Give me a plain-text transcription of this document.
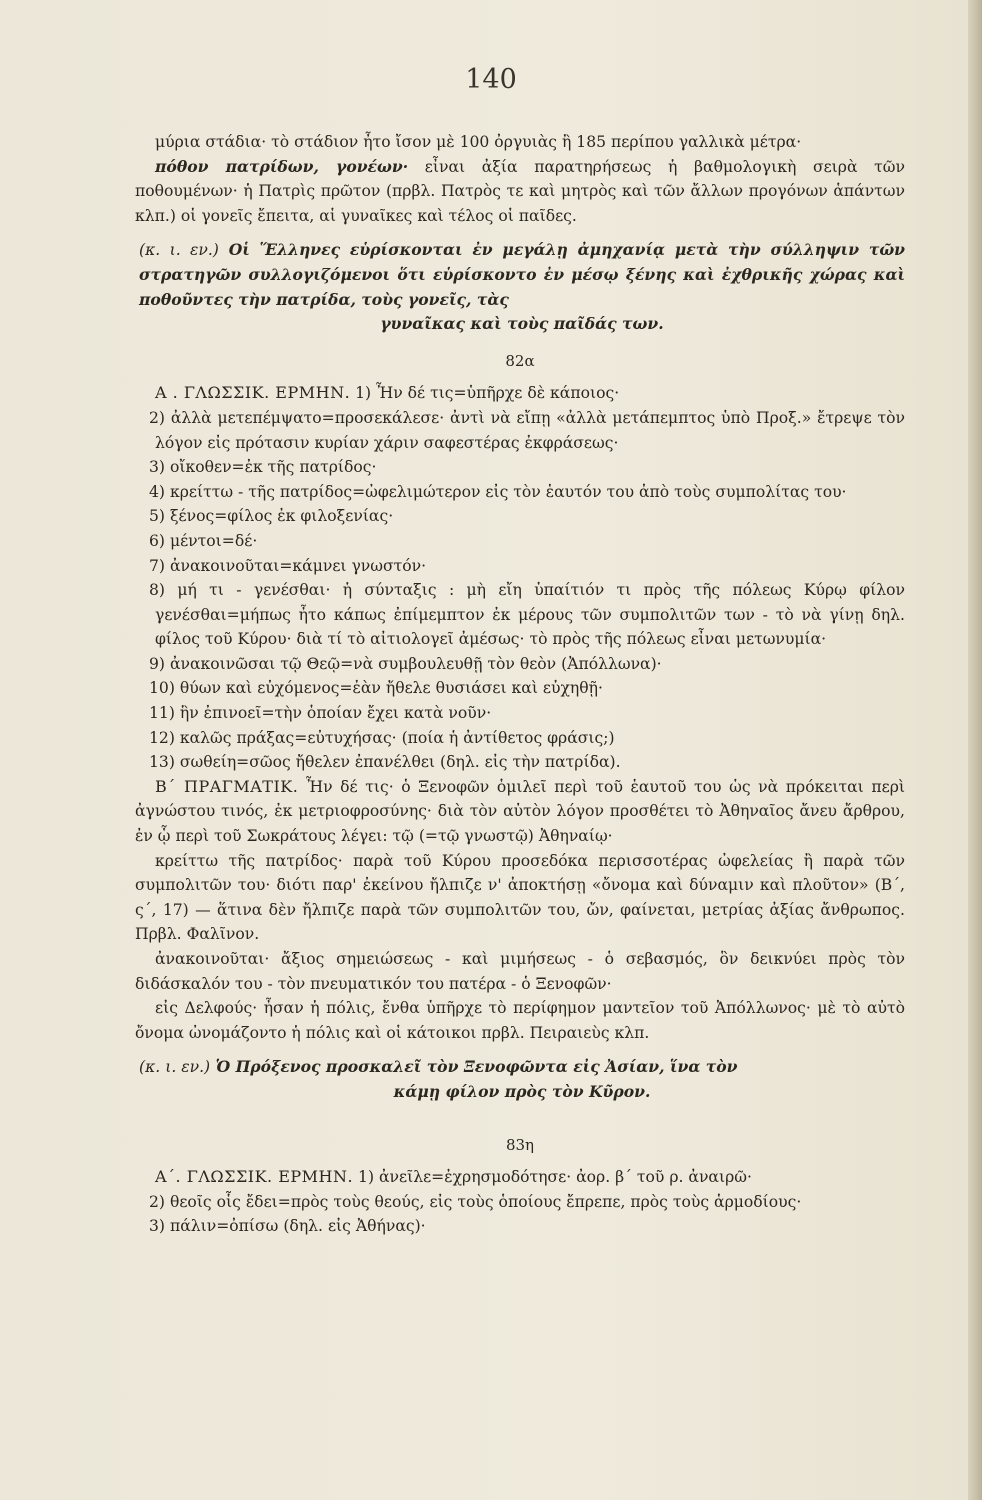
140

μύρια στάδια· τὸ στάδιον ἦτο ἴσον μὲ 100 ὀργυιὰς ἢ 185 περίπου γαλλικὰ μέτρα·

πόθον πατρίδων, γονέων· εἶναι ἀξία παρατηρήσεως ἡ βαθμολογικὴ σειρὰ τῶν ποθουμένων· ἡ Πατρὶς πρῶτον (πρβλ. Πατρὸς τε καὶ μητρὸς καὶ τῶν ἄλλων προγόνων ἁπάντων κλπ.) οἱ γονεῖς ἔπειτα, αἱ γυναῖκες καὶ τέλος οἱ παῖδες.

(κ. ι. εν.) Οἱ Ἕλληνες εὑρίσκονται ἐν μεγάλῃ ἀμηχανίᾳ μετὰ τὴν σύλληψιν τῶν στρατηγῶν συλλογιζόμενοι ὅτι εὑρίσκοντο ἐν μέσῳ ξένης καὶ ἐχθρικῆς χώρας καὶ ποθοῦντες τὴν πατρίδα, τοὺς γονεῖς, τὰς
γυναῖκας καὶ τοὺς παῖδάς των.

82α

Α . ΓΛΩΣΣΙΚ. ΕΡΜΗΝ. 1) Ἦν δέ τις=ὑπῆρχε δὲ κάποιος·

2) ἀλλὰ μετεπέμψατο=προσεκάλεσε· ἀντὶ νὰ εἴπῃ «ἀλλὰ μετάπεμπτος ὑπὸ Προξ.» ἔτρεψε τὸν λόγον εἰς πρότασιν κυρίαν χάριν σαφεστέρας ἐκφράσεως·

3) οἴκοθεν=ἐκ τῆς πατρίδος·

4) κρείττω - τῆς πατρίδος=ὠφελιμώτερον εἰς τὸν ἑαυτόν του ἀπὸ τοὺς συμπολίτας του·

5) ξένος=φίλος ἐκ φιλοξενίας·

6) μέντοι=δέ·

7) ἀνακοινοῦται=κάμνει γνωστόν·

8) μή τι - γενέσθαι· ἡ σύνταξις : μὴ εἴη ὑπαίτιόν τι πρὸς τῆς πόλεως Κύρῳ φίλον γενέσθαι=μήπως ἦτο κάπως ἐπίμεμπτον ἐκ μέρους τῶν συμπολιτῶν των - τὸ νὰ γίνῃ δηλ. φίλος τοῦ Κύρου· διὰ τί τὸ αἰτιολογεῖ ἀμέσως· τὸ πρὸς τῆς πόλεως εἶναι μετωνυμία·

9) ἀνακοινῶσαι τῷ Θεῷ=νὰ συμβουλευθῇ τὸν θεὸν (Ἀπόλλωνα)·

10) θύων καὶ εὐχόμενος=ἐὰν ἤθελε θυσιάσει καὶ εὐχηθῇ·

11) ἣν ἐπινοεῖ=τὴν ὁποίαν ἔχει κατὰ νοῦν·

12) καλῶς πράξας=εὐτυχήσας· (ποία ἡ ἀντίθετος φράσις;)

13) σωθείη=σῶος ἤθελεν ἐπανέλθει (δηλ. εἰς τὴν πατρίδα).

Β΄ ΠΡΑΓΜΑΤΙΚ. Ἦν δέ τις· ὁ Ξενοφῶν ὁμιλεῖ περὶ τοῦ ἑαυτοῦ του ὡς νὰ πρόκειται περὶ ἀγνώστου τινός, ἐκ μετριοφροσύνης· διὰ τὸν αὐτὸν λόγον προσθέτει τὸ Ἀθηναῖος ἄνευ ἄρθρου, ἐν ᾧ περὶ τοῦ Σωκράτους λέγει: τῷ (=τῷ γνωστῷ) Ἀθηναίῳ·

κρείττω τῆς πατρίδος· παρὰ τοῦ Κύρου προσεδόκα περισσοτέρας ὠφελείας ἢ παρὰ τῶν συμπολιτῶν του· διότι παρ' ἐκείνου ἤλπιζε ν' ἀποκτήσῃ «ὄνομα καὶ δύναμιν καὶ πλοῦτον» (Β΄, ς΄, 17) — ἅτινα δὲν ἤλπιζε παρὰ τῶν συμπολιτῶν του, ὤν, φαίνεται, μετρίας ἀξίας ἄνθρωπος. Πρβλ. Φαλῖνον.

ἀνακοινοῦται· ἄξιος σημειώσεως - καὶ μιμήσεως - ὁ σεβασμός, ὃν δεικνύει πρὸς τὸν διδάσκαλόν του - τὸν πνευματικόν του πατέρα - ὁ Ξενοφῶν·

εἰς Δελφούς· ἦσαν ἡ πόλις, ἔνθα ὑπῆρχε τὸ περίφημον μαντεῖον τοῦ Ἀπόλλωνος· μὲ τὸ αὐτὸ ὄνομα ὠνομάζοντο ἡ πόλις καὶ οἱ κάτοικοι πρβλ. Πειραιεὺς κλπ.

(κ. ι. εν.) Ὁ Πρόξενος προσκαλεῖ τὸν Ξενοφῶντα εἰς Ἀσίαν, ἵνα τὸν
κάμῃ φίλον πρὸς τὸν Κῦρον.

83η

Α΄. ΓΛΩΣΣΙΚ. ΕΡΜΗΝ. 1) ἀνεῖλε=ἐχρησμοδότησε· ἀορ. β΄ τοῦ ρ. ἀναιρῶ·

2) θεοῖς οἷς ἔδει=πρὸς τοὺς θεούς, εἰς τοὺς ὁποίους ἔπρεπε, πρὸς τοὺς ἁρμοδίους·

3) πάλιν=ὀπίσω (δηλ. εἰς Ἀθήνας)·
